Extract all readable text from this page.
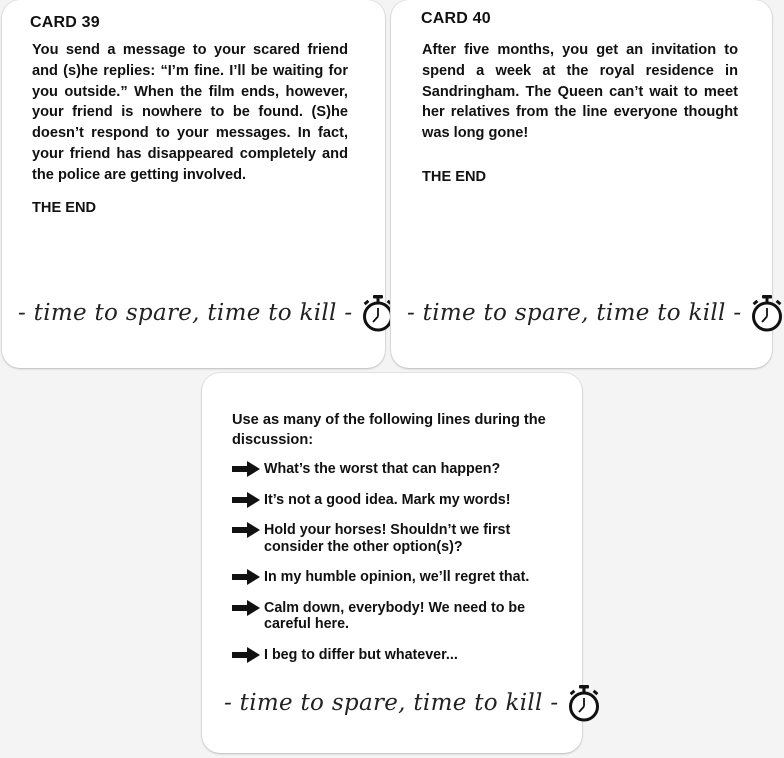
CARD 39
You send a message to your scared friend and (s)he replies: “I’m fine. I’ll be waiting for you outside.” When the film ends, however, your friend is nowhere to be found. (S)he doesn’t respond to your messages. In fact, your friend has disappeared completely and the police are getting involved.
THE END
- time to spare, time to kill -
CARD 40
After five months, you get an invitation to spend a week at the royal residence in Sandringham. The Queen can’t wait to meet her relatives from the line everyone thought was long gone!
THE END
- time to spare, time to kill -
Use as many of the following lines during the discussion:
What’s the worst that can happen?
It’s not a good idea. Mark my words!
Hold your horses! Shouldn’t we first consider the other option(s)?
In my humble opinion, we’ll regret that.
Calm down, everybody! We need to be careful here.
I beg to differ but whatever...
- time to spare, time to kill -
